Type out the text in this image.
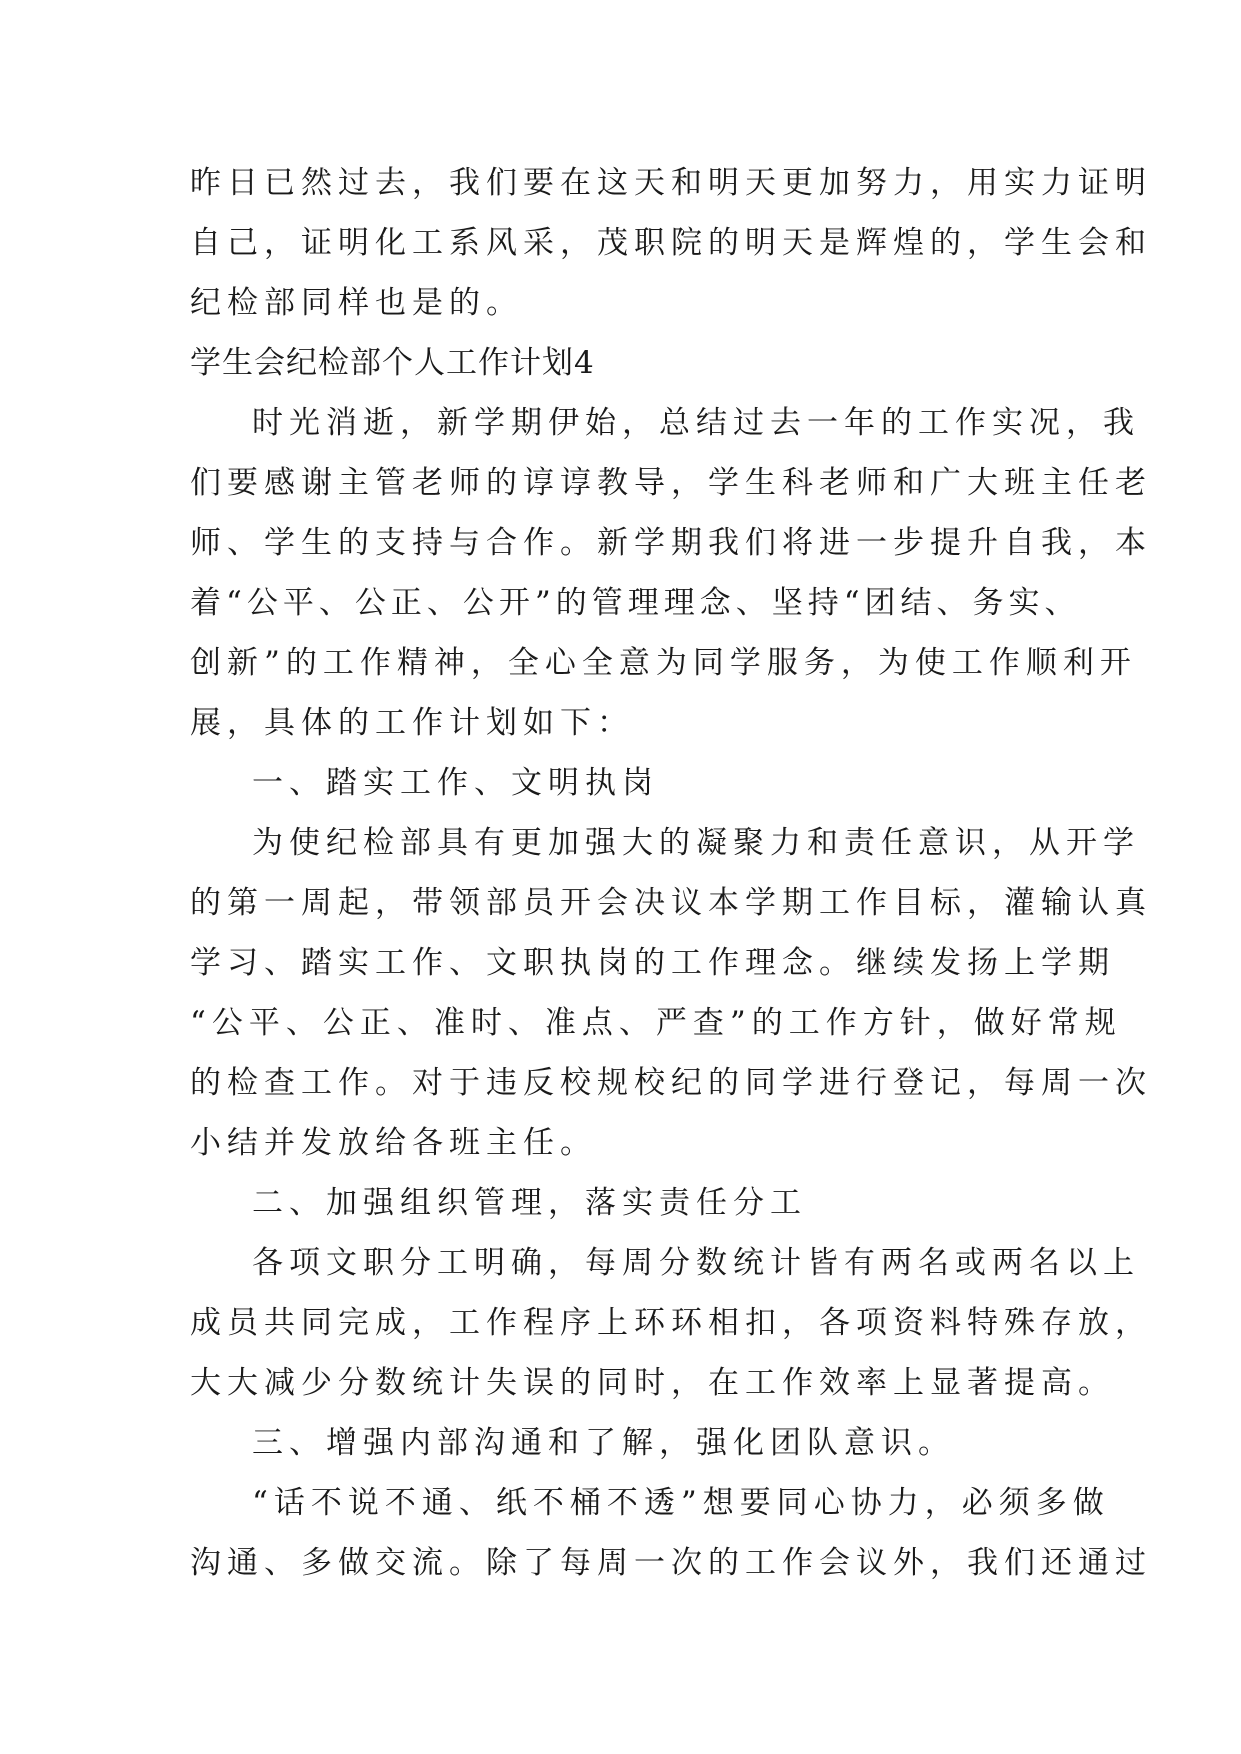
昨日已然过去，我们要在这天和明天更加努力，用实力证明
自己，证明化工系风采，茂职院的明天是辉煌的，学生会和
纪检部同样也是的。
学生会纪检部个人工作计划4
时光消逝，新学期伊始，总结过去一年的工作实况，我
们要感谢主管老师的谆谆教导，学生科老师和广大班主任老
师、学生的支持与合作。新学期我们将进一步提升自我，本
着“公平、公正、公开”的管理理念、坚持“团结、务实、
创新”的工作精神，全心全意为同学服务，为使工作顺利开
展，具体的工作计划如下：
一、踏实工作、文明执岗
为使纪检部具有更加强大的凝聚力和责任意识，从开学
的第一周起，带领部员开会决议本学期工作目标，灌输认真
学习、踏实工作、文职执岗的工作理念。继续发扬上学期
“公平、公正、准时、准点、严查”的工作方针，做好常规
的检查工作。对于违反校规校纪的同学进行登记，每周一次
小结并发放给各班主任。
二、加强组织管理，落实责任分工
各项文职分工明确，每周分数统计皆有两名或两名以上
成员共同完成，工作程序上环环相扣，各项资料特殊存放，
大大减少分数统计失误的同时，在工作效率上显著提高。
三、增强内部沟通和了解，强化团队意识。
“话不说不通、纸不桶不透”想要同心协力，必须多做
沟通、多做交流。除了每周一次的工作会议外，我们还通过
